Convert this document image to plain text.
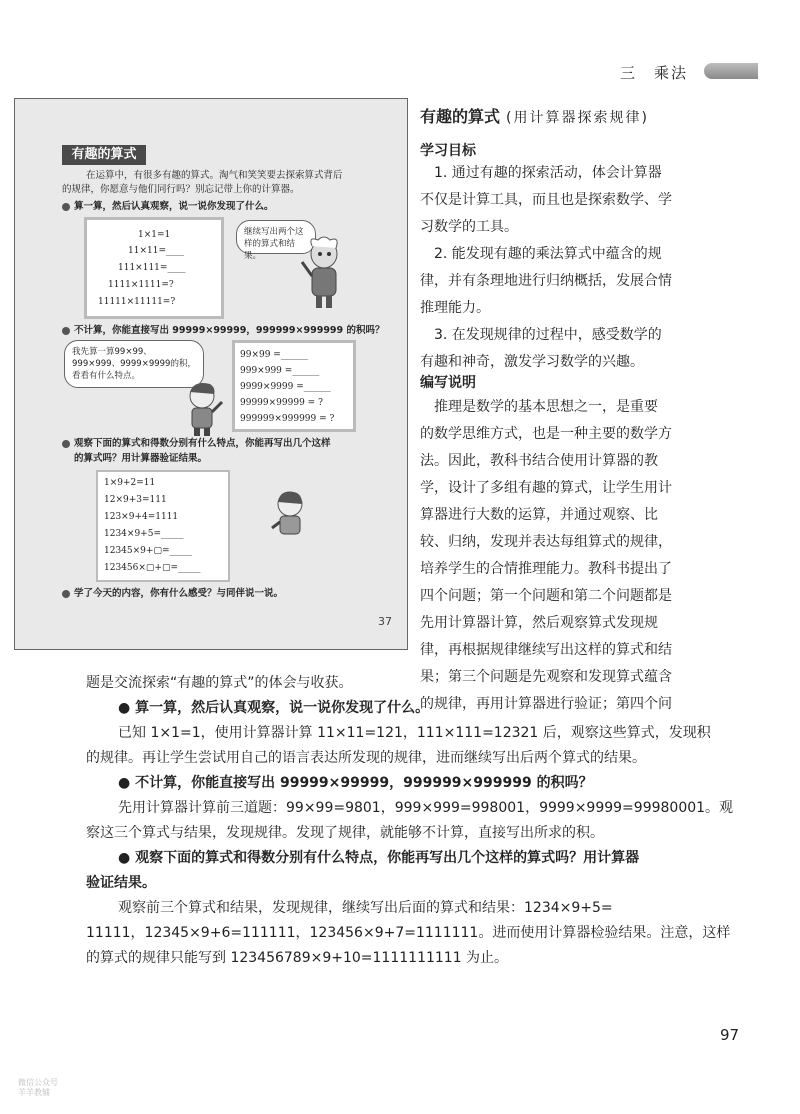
三　乘法
有趣的算式
在运算中，有很多有趣的算式。淘气和笑笑要去探索算式背后
的规律，你愿意与他们同行吗？别忘记带上你的计算器。
算一算，然后认真观察，说一说你发现了什么。
1×1=1
11×11=____
111×111=____
1111×1111=?
11111×11111=?
继续写出两个这样的算式和结果。
不计算，你能直接写出 99999×99999，999999×999999 的积吗？
我先算一算99×99、999×999、9999×9999的积，看看有什么特点。
99×99 =______
999×999 =______
9999×9999 =______
99999×99999 = ?
999999×999999 = ?
观察下面的算式和得数分别有什么特点，你能再写出几个这样
的算式吗？用计算器验证结果。
1×9+2=11
12×9+3=111
123×9+4=1111
1234×9+5=_____
12345×9+▢=_____
123456×▢+▢=_____
学了今天的内容，你有什么感受？与同伴说一说。
37
有趣的算式 (用计算器探索规律)
学习目标
　1. 通过有趣的探索活动，体会计算器
不仅是计算工具，而且也是探索数学、学
习数学的工具。
　2. 能发现有趣的乘法算式中蕴含的规
律，并有条理地进行归纳概括，发展合情
推理能力。
　3. 在发现规律的过程中，感受数学的
有趣和神奇，激发学习数学的兴趣。
编写说明
　推理是数学的基本思想之一，是重要
的数学思维方式，也是一种主要的数学方
法。因此，教科书结合使用计算器的教
学，设计了多组有趣的算式，让学生用计
算器进行大数的运算，并通过观察、比
较、归纳，发现并表达每组算式的规律，
培养学生的合情推理能力。教科书提出了
四个问题；第一个问题和第二个问题都是
先用计算器计算，然后观察算式发现规
律，再根据规律继续写出这样的算式和结
果；第三个问题是先观察和发现算式蕴含
的规律，再用计算器进行验证；第四个问
题是交流探索“有趣的算式”的体会与收获。
● 算一算，然后认真观察，说一说你发现了什么。
已知 1×1=1，使用计算器计算 11×11=121，111×111=12321 后，观察这些算式，发现积
的规律。再让学生尝试用自己的语言表达所发现的规律，进而继续写出后两个算式的结果。
● 不计算，你能直接写出 99999×99999，999999×999999 的积吗？
先用计算器计算前三道题：99×99=9801，999×999=998001，9999×9999=99980001。观
察这三个算式与结果，发现规律。发现了规律，就能够不计算，直接写出所求的积。
● 观察下面的算式和得数分别有什么特点，你能再写出几个这样的算式吗？用计算器
验证结果。
观察前三个算式和结果，发现规律，继续写出后面的算式和结果：1234×9+5=
11111，12345×9+6=111111，123456×9+7=1111111。进而使用计算器检验结果。注意，这样
的算式的规律只能写到 123456789×9+10=1111111111 为止。
97
微信公众号
羊羊教辅
